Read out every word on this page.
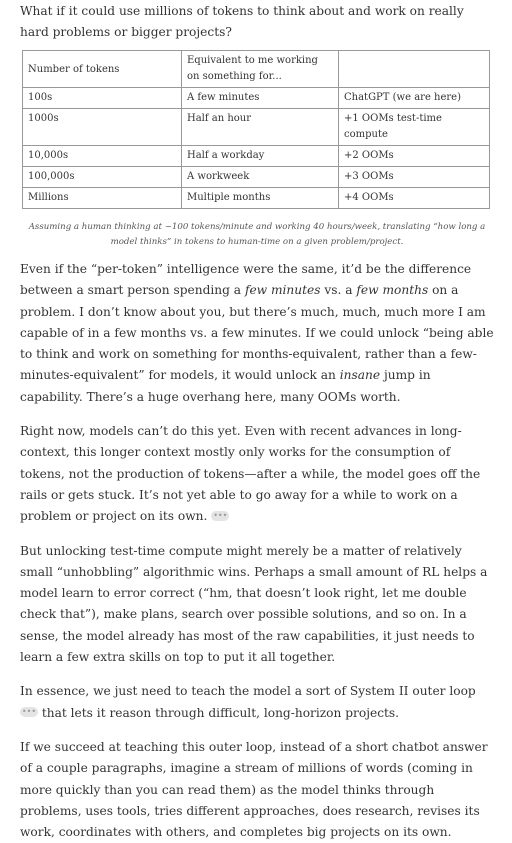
What if it could use millions of tokens to think about and work on really hard problems or bigger projects?

Number of tokens	Equivalent to me working on something for...	
100s	A few minutes	ChatGPT (we are here)
1000s	Half an hour	+1 OOMs test-time compute
10,000s	Half a workday	+2 OOMs
100,000s	A workweek	+3 OOMs
Millions	Multiple months	+4 OOMs

Assuming a human thinking at ~100 tokens/minute and working 40 hours/week, translating “how long a model thinks” in tokens to human-time on a given problem/project.

Even if the “per-token” intelligence were the same, it’d be the difference between a smart person spending a few minutes vs. a few months on a problem. I don’t know about you, but there’s much, much, much more I am capable of in a few months vs. a few minutes. If we could unlock “being able to think and work on something for months-equivalent, rather than a few-minutes-equivalent” for models, it would unlock an insane jump in capability. There’s a huge overhang here, many OOMs worth.

Right now, models can’t do this yet. Even with recent advances in long-context, this longer context mostly only works for the consumption of tokens, not the production of tokens—after a while, the model goes off the rails or gets stuck. It’s not yet able to go away for a while to work on a problem or project on its own. •••

But unlocking test-time compute might merely be a matter of relatively small “unhobbling” algorithmic wins. Perhaps a small amount of RL helps a model learn to error correct (“hm, that doesn’t look right, let me double check that”), make plans, search over possible solutions, and so on. In a sense, the model already has most of the raw capabilities, it just needs to learn a few extra skills on top to put it all together.

In essence, we just need to teach the model a sort of System II outer loop ••• that lets it reason through difficult, long-horizon projects.

If we succeed at teaching this outer loop, instead of a short chatbot answer of a couple paragraphs, imagine a stream of millions of words (coming in more quickly than you can read them) as the model thinks through problems, uses tools, tries different approaches, does research, revises its work, coordinates with others, and completes big projects on its own.
